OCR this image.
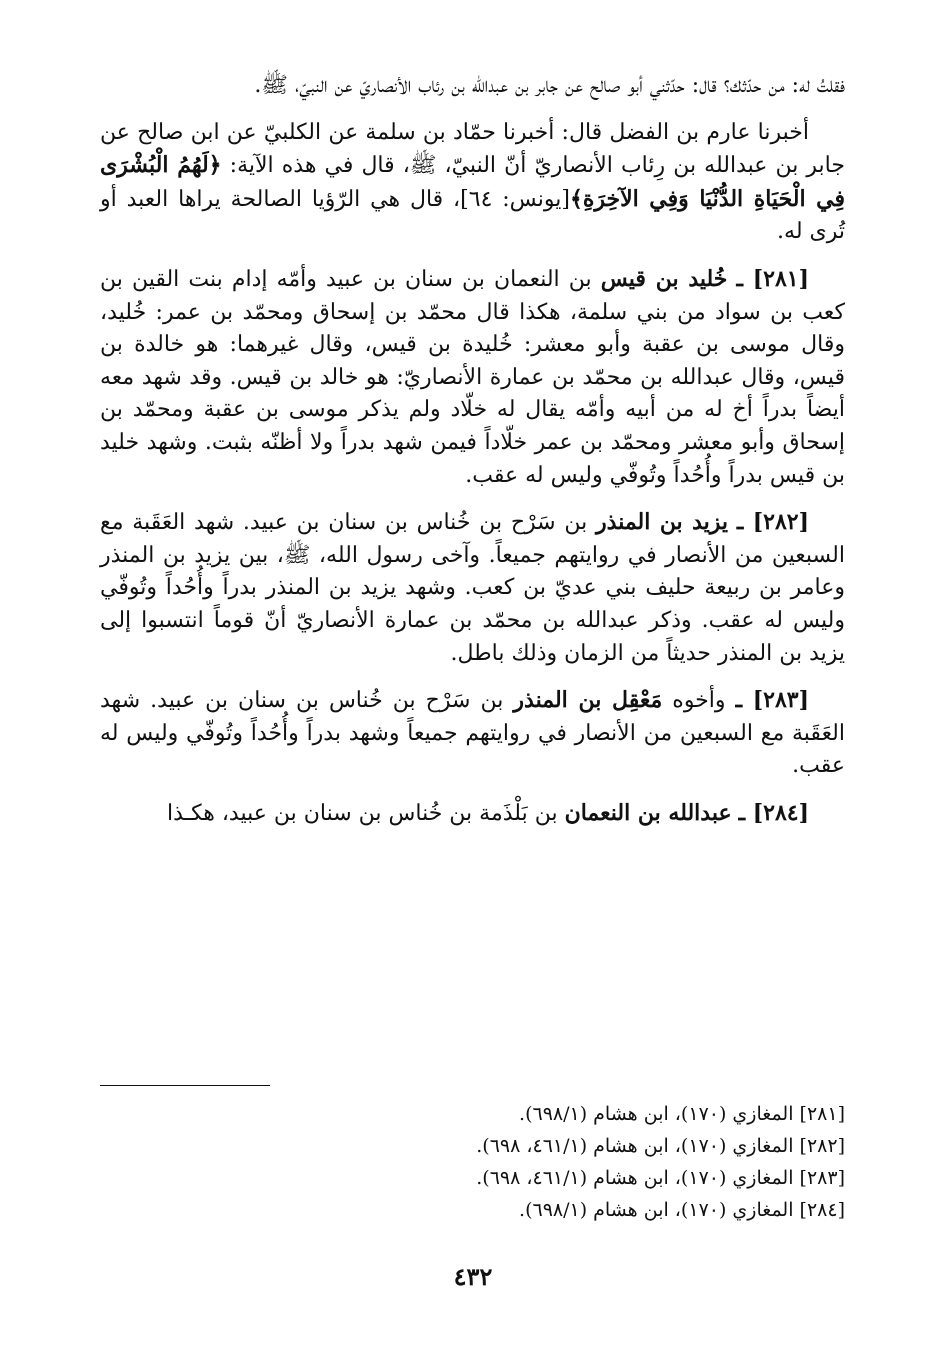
فقلتُ له: من حدّثك؟ قال: حدّثني أبو صالح عن جابر بن عبدالله بن رئاب الأنصاريّ عن النبيّ، ﷺ.

أخبرنا عارم بن الفضل قال: أخبرنا حمّاد بن سلمة عن الكلبيّ عن ابن صالح عن جابر بن عبدالله بن رِئاب الأنصاريّ أنّ النبيّ، ﷺ، قال في هذه الآية: ﴿لَهُمُ الْبُشْرَى فِي الْحَيَاةِ الدُّنْيَا وَفِي الآخِرَةِ﴾[يونس: ٦٤]، قال هي الرّؤيا الصالحة يراها العبد أو تُرى له.

[٢٨١] ـ خُليد بن قيس بن النعمان بن سنان بن عبيد وأمّه إدام بنت القين بن كعب بن سواد من بني سلمة، هكذا قال محمّد بن إسحاق ومحمّد بن عمر: خُليد، وقال موسى بن عقبة وأبو معشر: خُليدة بن قيس، وقال غيرهما: هو خالدة بن قيس، وقال عبدالله بن محمّد بن عمارة الأنصاريّ: هو خالد بن قيس. وقد شهد معه أيضاً بدراً أخ له من أبيه وأمّه يقال له خلّاد ولم يذكر موسى بن عقبة ومحمّد بن إسحاق وأبو معشر ومحمّد بن عمر خلّاداً فيمن شهد بدراً ولا أظنّه بثبت. وشهد خليد بن قيس بدراً وأُحُداً وتُوفّي وليس له عقب.

[٢٨٢] ـ يزيد بن المنذر بن سَرْح بن خُناس بن سنان بن عبيد. شهد العَقَبة مع السبعين من الأنصار في روايتهم جميعاً. وآخى رسول الله، ﷺ، بين يزيد بن المنذر وعامر بن ربيعة حليف بني عديّ بن كعب. وشهد يزيد بن المنذر بدراً وأُحُداً وتُوفّي وليس له عقب. وذكر عبدالله بن محمّد بن عمارة الأنصاريّ أنّ قوماً انتسبوا إلى يزيد بن المنذر حديثاً من الزمان وذلك باطل.

[٢٨٣] ـ وأخوه مَعْقِل بن المنذر بن سَرْح بن خُناس بن سنان بن عبيد. شهد العَقَبة مع السبعين من الأنصار في روايتهم جميعاً وشهد بدراً وأُحُداً وتُوفّي وليس له عقب.

[٢٨٤] ـ عبدالله بن النعمان بن بَلْذَمة بن خُناس بن سنان بن عبيد، هكـذا

[٢٨١] المغازي (١٧٠)، ابن هشام (٦٩٨/١).

[٢٨٢] المغازي (١٧٠)، ابن هشام (٤٦١/١، ٦٩٨).

[٢٨٣] المغازي (١٧٠)، ابن هشام (٤٦١/١، ٦٩٨).

[٢٨٤] المغازي (١٧٠)، ابن هشام (٦٩٨/١).

٤٣٢
